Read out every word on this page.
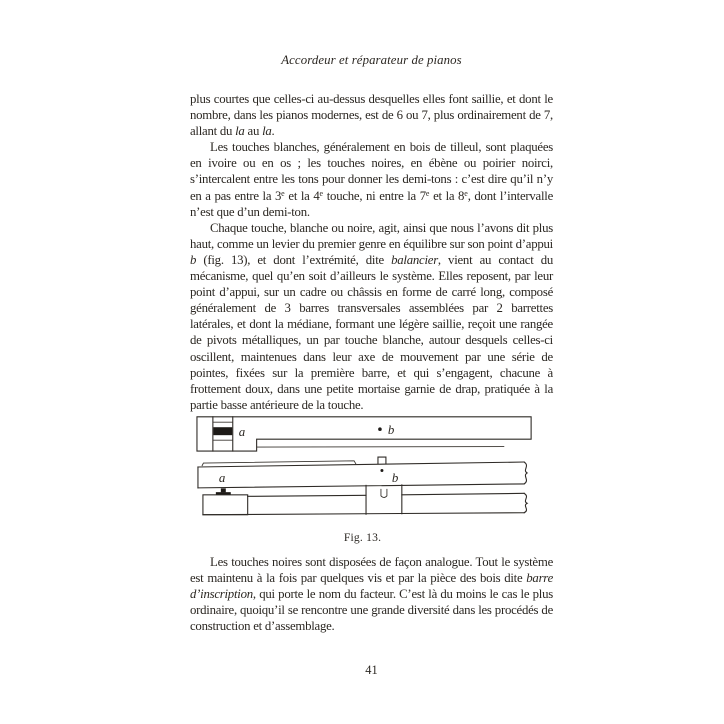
Accordeur et réparateur de pianos

plus courtes que celles-ci au-dessus desquelles elles font saillie, et dont le nombre, dans les pianos modernes, est de 6 ou 7, plus ordinairement de 7, allant du la au la.

Les touches blanches, généralement en bois de tilleul, sont plaquées en ivoire ou en os ; les touches noires, en ébène ou poirier noirci, s’intercalent entre les tons pour donner les demi-tons : c’est dire qu’il n’y en a pas entre la 3e et la 4e touche, ni entre la 7e et la 8e, dont l’intervalle n’est que d’un demi-ton.

Chaque touche, blanche ou noire, agit, ainsi que nous l’avons dit plus haut, comme un levier du premier genre en équilibre sur son point d’appui b (fig. 13), et dont l’extrémité, dite balancier, vient au contact du mécanisme, quel qu’en soit d’ailleurs le système. Elles reposent, par leur point d’appui, sur un cadre ou châssis en forme de carré long, composé généralement de 3 barres transversales assemblées par 2 barrettes latérales, et dont la médiane, formant une légère saillie, reçoit une rangée de pivots métalliques, un par touche blanche, autour desquels celles-ci oscillent, maintenues dans leur axe de mouvement par une série de pointes, fixées sur la première barre, et qui s’engagent, chacune à frottement doux, dans une petite mortaise garnie de drap, pratiquée à la partie basse antérieure de la touche.

a	b
a	b
Fig. 13.

Les touches noires sont disposées de façon analogue. Tout le système est maintenu à la fois par quelques vis et par la pièce des bois dite barre d’inscription, qui porte le nom du facteur. C’est là du moins le cas le plus ordinaire, quoiqu’il se rencontre une grande diversité dans les procédés de construction et d’assemblage.

41
